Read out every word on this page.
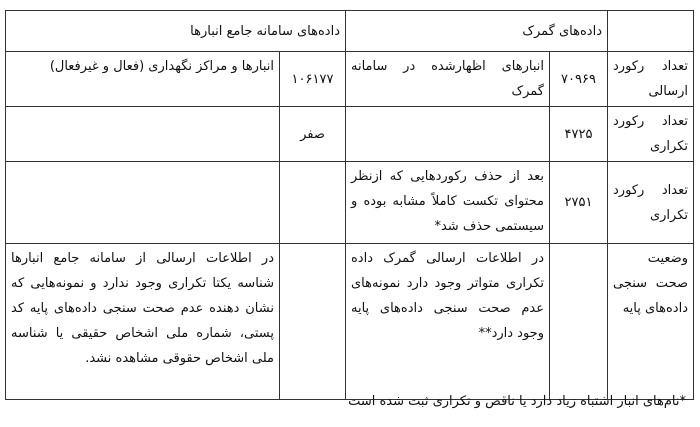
	داده‌های گمرک		داده‌های سامانه جامع انبارها	
تعداد رکورد ارسالی	۷۰۹۶۹	انبارهای اظهارشده در سامانه گمرک	۱۰۶۱۷۷	انبارها و مراکز نگهداری (فعال و غیرفعال)
تعداد رکورد تکراری	۴۷۲۵		صفر	
تعداد رکورد تکراری	۲۷۵۱	بعد از حذف رکوردهایی که ازنظر محتوای تکست کاملاً مشابه بوده و سیستمی حذف شد*		
وضعیت صحت سنجی داده‌های پایه		در اطلاعات ارسالی گمرک داده تکراری متواتر وجود دارد نمونه‌های عدم صحت سنجی داده‌های پایه وجود دارد**		در اطلاعات ارسالی از سامانه جامع انبارها شناسه یکتا تکراری وجود ندارد و نمونه‌هایی که نشان دهنده عدم صحت سنجی داده‌های پایه کد پستی، شماره ملی اشخاص حقیقی یا شناسه ملی اشخاص حقوقی مشاهده نشد.
*نام‌های انبار اشتباه زیاد دارد یا ناقص و تکراری ثبت شده است
